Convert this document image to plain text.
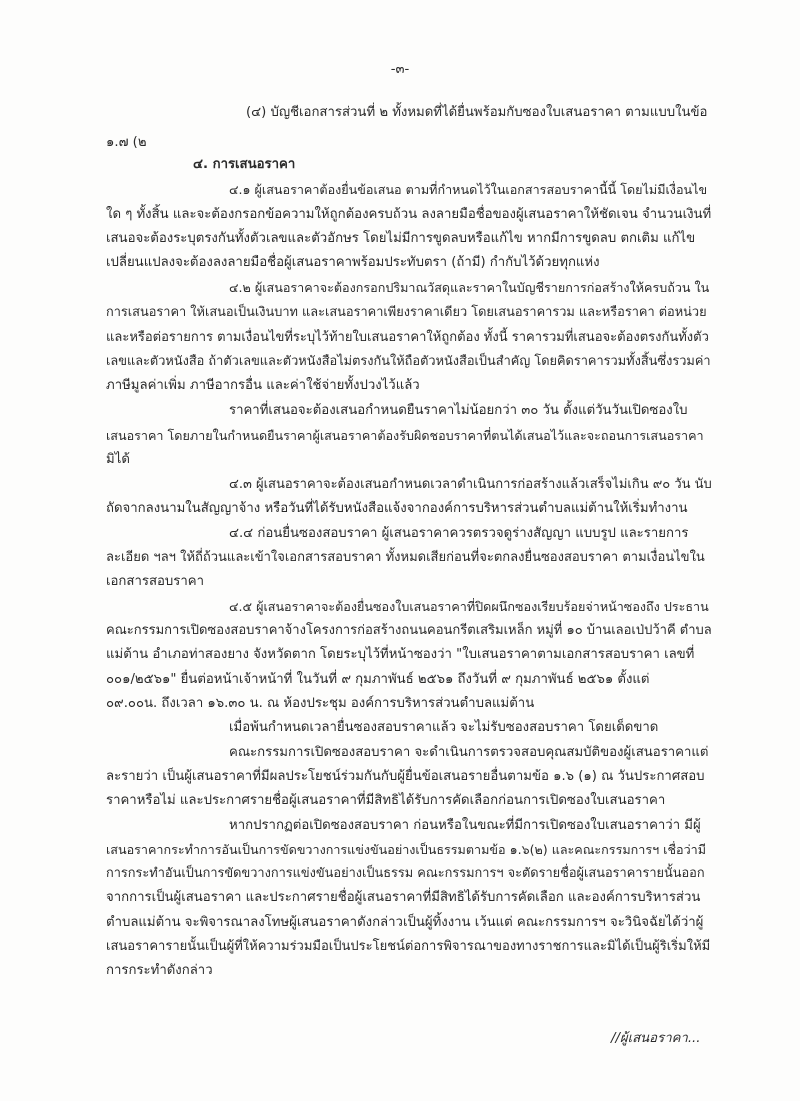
-๓-
(๔) บัญชีเอกสารส่วนที่ ๒ ทั้งหมดที่ได้ยื่นพร้อมกับซองใบเสนอราคา ตามแบบในข้อ
๑.๗ (๒
๔. การเสนอราคา
๔.๑ ผู้เสนอราคาต้องยื่นข้อเสนอ ตามที่กำหนดไว้ในเอกสารสอบราคานี้นี้ โดยไม่มีเงื่อนไข
ใด ๆ ทั้งสิ้น และจะต้องกรอกข้อความให้ถูกต้องครบถ้วน ลงลายมือชื่อของผู้เสนอราคาให้ชัดเจน จำนวนเงินที่
เสนอจะต้องระบุตรงกันทั้งตัวเลขและตัวอักษร โดยไม่มีการขูดลบหรือแก้ไข หากมีการขูดลบ ตกเติม แก้ไข
เปลี่ยนแปลงจะต้องลงลายมือชื่อผู้เสนอราคาพร้อมประทับตรา (ถ้ามี) กำกับไว้ด้วยทุกแห่ง
๔.๒ ผู้เสนอราคาจะต้องกรอกปริมาณวัสดุและราคาในบัญชีรายการก่อสร้างให้ครบถ้วน ใน
การเสนอราคา ให้เสนอเป็นเงินบาท และเสนอราคาเพียงราคาเดียว โดยเสนอราคารวม และหรือราคา ต่อหน่วย
และหรือต่อรายการ ตามเงื่อนไขที่ระบุไว้ท้ายใบเสนอราคาให้ถูกต้อง ทั้งนี้ ราคารวมที่เสนอจะต้องตรงกันทั้งตัว
เลขและตัวหนังสือ ถ้าตัวเลขและตัวหนังสือไม่ตรงกันให้ถือตัวหนังสือเป็นสำคัญ โดยคิดราคารวมทั้งสิ้นซึ่งรวมค่า
ภาษีมูลค่าเพิ่ม ภาษีอากรอื่น และค่าใช้จ่ายทั้งปวงไว้แล้ว
ราคาที่เสนอจะต้องเสนอกำหนดยืนราคาไม่น้อยกว่า ๓๐ วัน ตั้งแต่วันวันเปิดซองใบ
เสนอราคา โดยภายในกำหนดยืนราคาผู้เสนอราคาต้องรับผิดชอบราคาที่ตนได้เสนอไว้และจะถอนการเสนอราคา
มิได้
๔.๓ ผู้เสนอราคาจะต้องเสนอกำหนดเวลาดำเนินการก่อสร้างแล้วเสร็จไม่เกิน ๙๐ วัน นับ
ถัดจากลงนามในสัญญาจ้าง หรือวันที่ได้รับหนังสือแจ้งจากองค์การบริหารส่วนตำบลแม่ต้านให้เริ่มทำงาน
๔.๔ ก่อนยื่นซองสอบราคา ผู้เสนอราคาควรตรวจดูร่างสัญญา แบบรูป และรายการ
ละเอียด ฯลฯ ให้ถี่ถ้วนและเข้าใจเอกสารสอบราคา ทั้งหมดเสียก่อนที่จะตกลงยื่นซองสอบราคา ตามเงื่อนไขใน
เอกสารสอบราคา
๔.๕ ผู้เสนอราคาจะต้องยื่นซองใบเสนอราคาที่ปิดผนึกซองเรียบร้อยจ่าหน้าซองถึง ประธาน
คณะกรรมการเปิดซองสอบราคาจ้างโครงการก่อสร้างถนนคอนกรีตเสริมเหล็ก หมู่ที่ ๑๐ บ้านเลอเป่ปว้าคี ตำบล
แม่ต้าน อำเภอท่าสองยาง จังหวัดตาก โดยระบุไว้ที่หน้าซองว่า "ใบเสนอราคาตามเอกสารสอบราคา เลขที่
๐๐๑/๒๕๖๑" ยื่นต่อหน้าเจ้าหน้าที่ ในวันที่ ๙ กุมภาพันธ์ ๒๕๖๑ ถึงวันที่ ๙ กุมภาพันธ์ ๒๕๖๑ ตั้งแต่
๐๙.๐๐น. ถึงเวลา ๑๖.๓๐ น. ณ ห้องประชุม องค์การบริหารส่วนตำบลแม่ต้าน
เมื่อพ้นกำหนดเวลายื่นซองสอบราคาแล้ว จะไม่รับซองสอบราคา โดยเด็ดขาด
คณะกรรมการเปิดซองสอบราคา จะดำเนินการตรวจสอบคุณสมบัติของผู้เสนอราคาแต่
ละรายว่า เป็นผู้เสนอราคาที่มีผลประโยชน์ร่วมกันกับผู้ยื่นข้อเสนอรายอื่นตามข้อ ๑.๖ (๑) ณ วันประกาศสอบ
ราคาหรือไม่ และประกาศรายชื่อผู้เสนอราคาที่มีสิทธิได้รับการคัดเลือกก่อนการเปิดซองใบเสนอราคา
หากปรากฏต่อเปิดซองสอบราคา ก่อนหรือในขณะที่มีการเปิดซองใบเสนอราคาว่า มีผู้
เสนอราคากระทำการอันเป็นการขัดขวางการแข่งขันอย่างเป็นธรรมตามข้อ ๑.๖(๒) และคณะกรรมการฯ เชื่อว่ามี
การกระทำอันเป็นการขัดขวางการแข่งขันอย่างเป็นธรรม คณะกรรมการฯ จะตัดรายชื่อผู้เสนอราคารายนั้นออก
จากการเป็นผู้เสนอราคา และประกาศรายชื่อผู้เสนอราคาที่มีสิทธิได้รับการคัดเลือก และองค์การบริหารส่วน
ตำบลแม่ต้าน จะพิจารณาลงโทษผู้เสนอราคาดังกล่าวเป็นผู้ทิ้งงาน เว้นแต่ คณะกรรมการฯ จะวินิจฉัยได้ว่าผู้
เสนอราคารายนั้นเป็นผู้ที่ให้ความร่วมมือเป็นประโยชน์ต่อการพิจารณาของทางราชการและมิได้เป็นผู้ริเริ่มให้มี
การกระทำดังกล่าว
//ผู้เสนอราคา...
